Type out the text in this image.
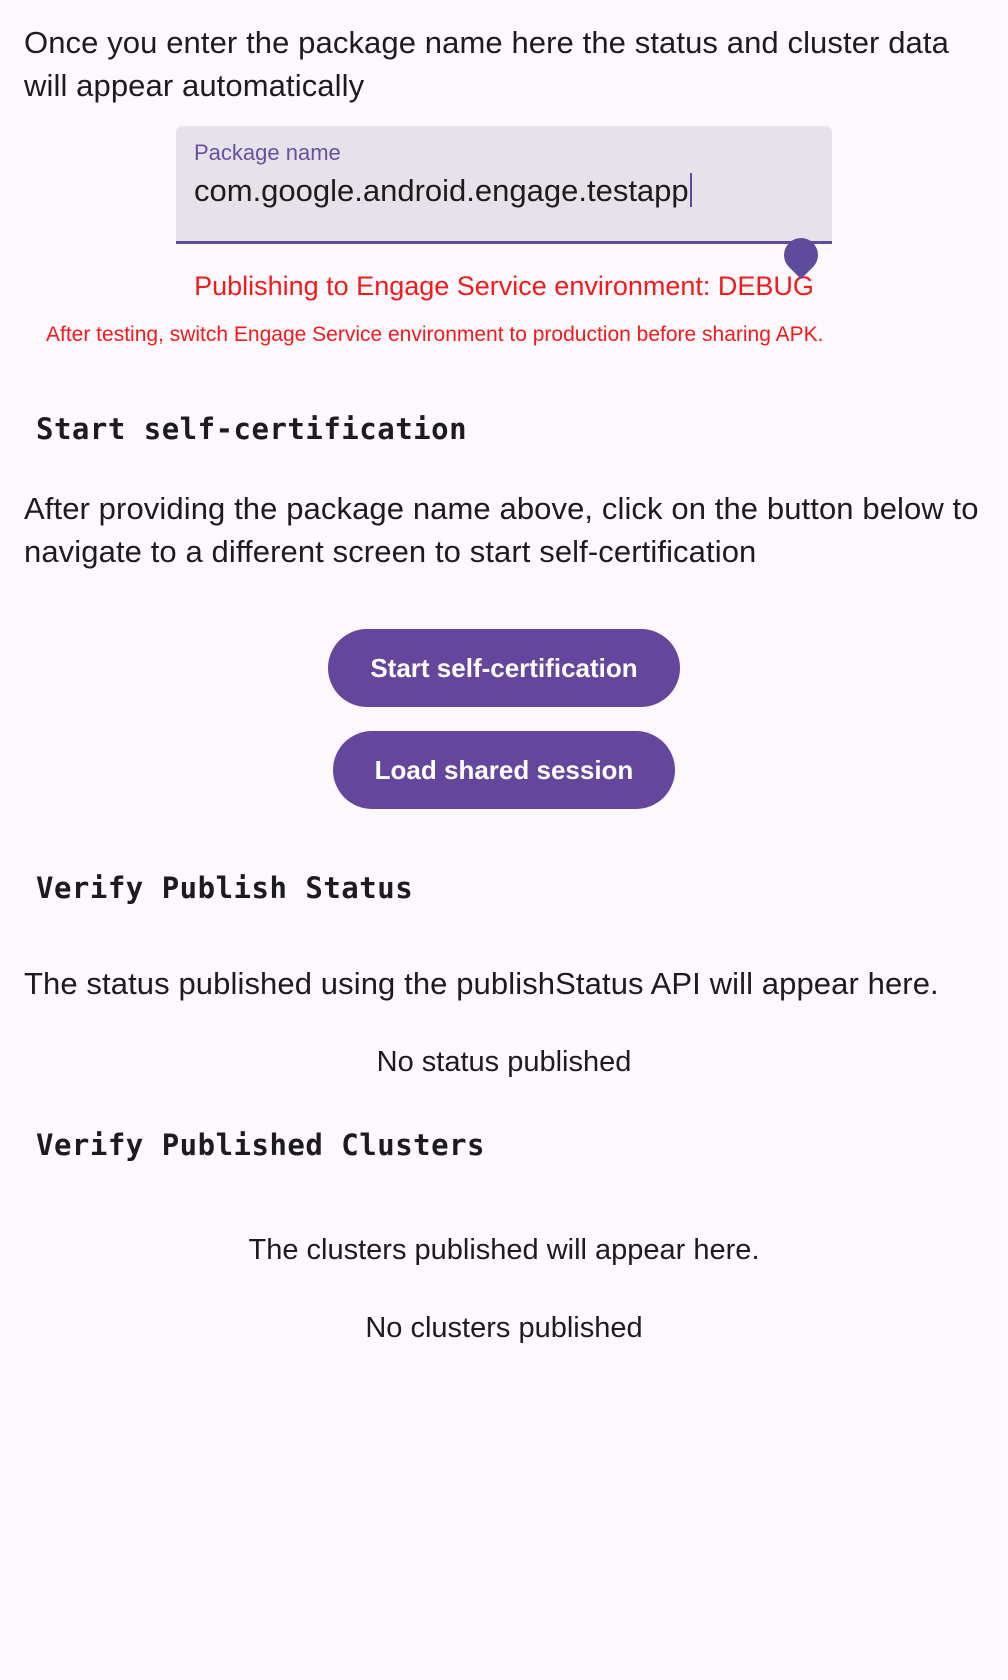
Once you enter the package name here the status and cluster data will appear automatically

Package name
com.google.android.engage.testapp

Publishing to Engage Service environment: DEBUG

After testing, switch Engage Service environment to production before sharing APK.

Start self-certification

After providing the package name above, click on the button below to navigate to a different screen to start self-certification

Start self-certification
Load shared session
Verify Publish Status

The status published using the publishStatus API will appear here.

No status published

Verify Published Clusters

The clusters published will appear here.

No clusters published
